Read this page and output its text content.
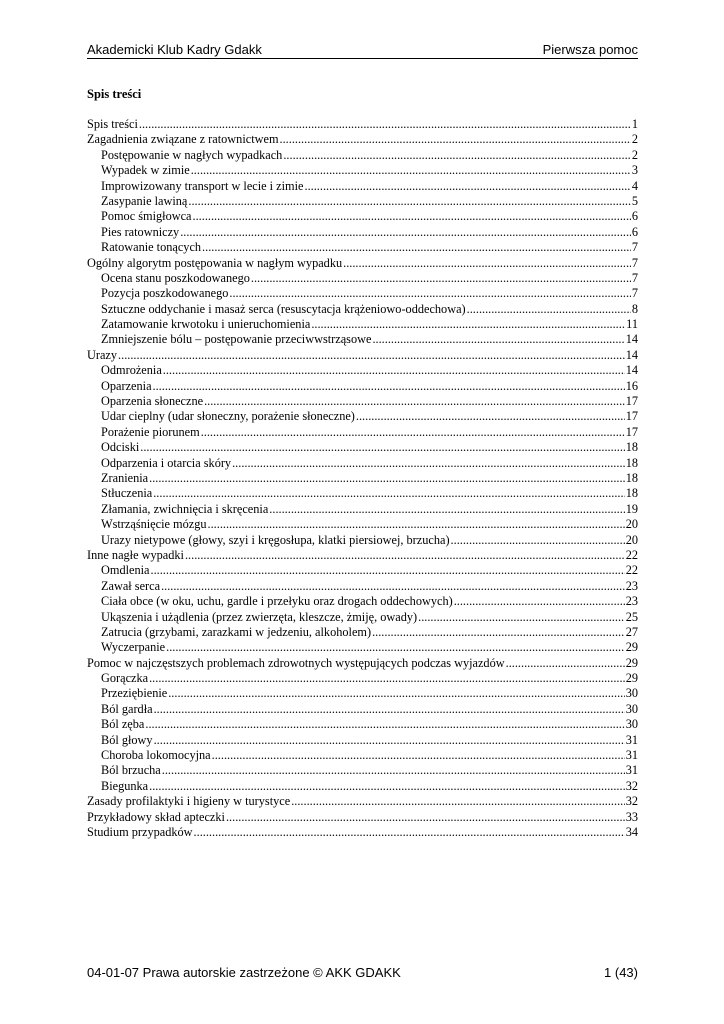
Akademicki Klub Kadry Gdakk	Pierwsza pomoc
Spis treści
Spis treści .....	1
Zagadnienia związane z ratownictwem .....	2
Postępowanie w nagłych wypadkach .....	2
Wypadek w zimie .....	3
Improwizowany transport w lecie i zimie .....	4
Zasypanie lawiną .....	5
Pomoc śmigłowca .....	6
Pies ratowniczy .....	6
Ratowanie tonących .....	7
Ogólny algorytm postępowania w nagłym wypadku .....	7
Ocena stanu poszkodowanego .....	7
Pozycja poszkodowanego .....	7
Sztuczne oddychanie i masaż serca (resuscytacja krążeniowo-oddechowa) .....	8
Zatamowanie krwotoku i unieruchomienia .....	11
Zmniejszenie bólu – postępowanie przeciwwstrząsowe .....	14
Urazy .....	14
Odmrożenia .....	14
Oparzenia .....	16
Oparzenia słoneczne .....	17
Udar cieplny (udar słoneczny, porażenie słoneczne) .....	17
Porażenie piorunem .....	17
Odciski .....	18
Odparzenia i otarcia skóry .....	18
Zranienia .....	18
Stłuczenia .....	18
Złamania, zwichnięcia i skręcenia .....	19
Wstrząśnięcie mózgu .....	20
Urazy nietypowe (głowy, szyi i kręgosłupa, klatki piersiowej, brzucha) .....	20
Inne nagłe wypadki .....	22
Omdlenia .....	22
Zawał serca .....	23
Ciała obce (w oku, uchu, gardle i przełyku oraz drogach oddechowych) .....	23
Ukąszenia i użądlenia (przez zwierzęta, kleszcze, żmiję, owady) .....	25
Zatrucia (grzybami, zarazkami w jedzeniu, alkoholem) .....	27
Wyczerpanie .....	29
Pomoc w najczęstszych problemach zdrowotnych występujących podczas wyjazdów .....	29
Gorączka .....	29
Przeziębienie .....	30
Ból gardła .....	30
Ból zęba .....	30
Ból głowy .....	31
Choroba lokomocyjna .....	31
Ból brzucha .....	31
Biegunka .....	32
Zasady profilaktyki i higieny w turystyce .....	32
Przykładowy skład apteczki .....	33
Studium przypadków .....	34
04-01-07 Prawa autorskie zastrzeżone © AKK GDAKK	1 (43)
